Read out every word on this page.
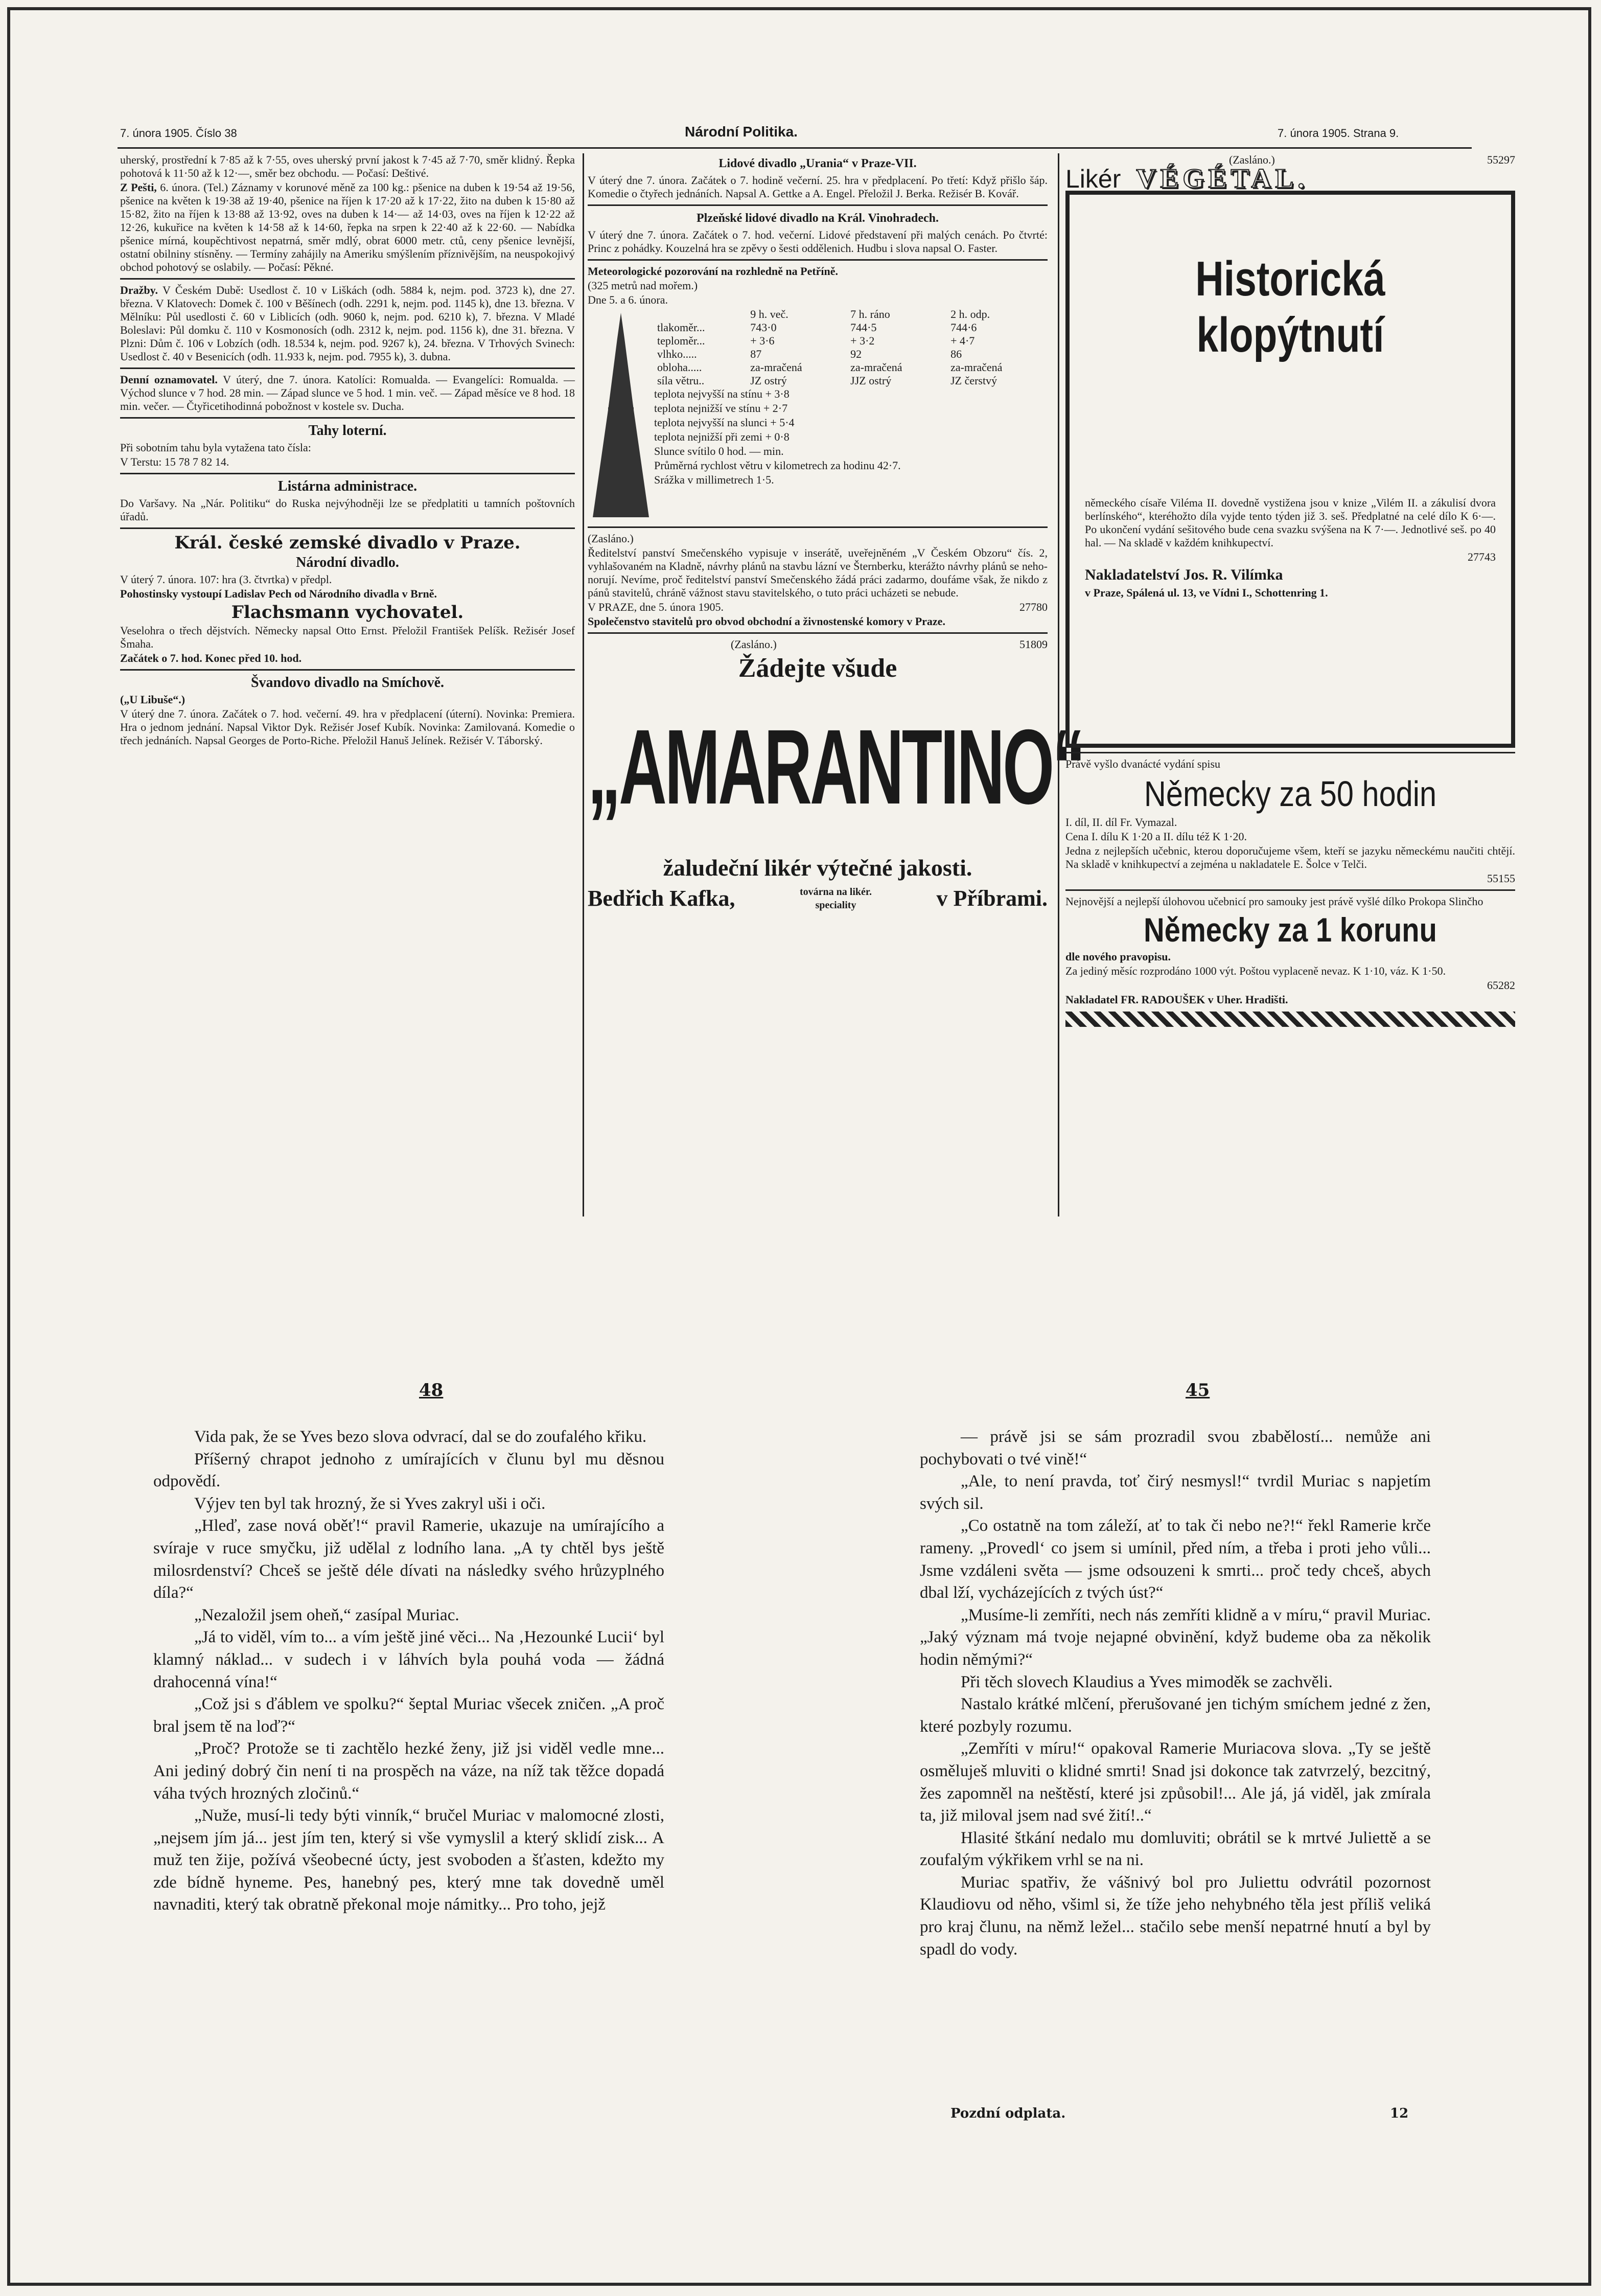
7. února 1905. Číslo 38	Národní Politika.	7. února 1905. Strana 9.

uherský, prostřední k 7·85 až k 7·55, oves uherský první jakost k 7·45 až 7·70, směr klidný. Řepka pohotová k 11·50 až k 12·—, směr bez obchodu. — Počasí: Deštivé.

Z Pešti, 6. února. (Tel.) Záznamy v korunové měně za 100 kg.: pšenice na duben k 19·54 až 19·56, pšenice na květen k 19·38 až 19·40, pšenice na říjen k 17·20 až k 17·22, žito na duben k 15·80 až 15·82, žito na říjen k 13·88 až 13·92, oves na duben k 14·— až 14·03, oves na říjen k 12·22 až 12·26, kukuřice na květen k 14·58 až k 14·60, řepka na srpen k 22·40 až k 22·60. — Nabídka pšenice mírná, koupěchtivost nepatrná, směr mdlý, obrat 6000 metr. ctů, ceny pšenice levnější, ostatní obilniny stísněny. — Termíny zahájily na Ameriku smýšlením příznivějším, na neuspokojivý obchod pohotový se oslabily. — Počasí: Pěkné.

Dražby. V Českém Dubě: Usedlost č. 10 v Liškách (odh. 5884 k, nejm. pod. 3723 k), dne 27. března. V Klatovech: Domek č. 100 v Běšínech (odh. 2291 k, nejm. pod. 1145 k), dne 13. března. V Mělníku: Půl usedlosti č. 60 v Liblicích (odh. 9060 k, nejm. pod. 6210 k), 7. března. V Mladé Boleslavi: Půl domku č. 110 v Kosmonosích (odh. 2312 k, nejm. pod. 1156 k), dne 31. března. V Plzni: Dům č. 106 v Lobzích (odh. 18.534 k, nejm. pod. 9267 k), 24. března. V Trhových Svinech: Usedlost č. 40 v Besenicích (odh. 11.933 k, nejm. pod. 7955 k), 3. dubna.

Denní oznamovatel. V úterý, dne 7. února. Katolíci: Romualda. — Evangelíci: Romualda. — Východ slunce v 7 hod. 28 min. — Západ slunce ve 5 hod. 1 min. več. — Západ měsíce ve 8 hod. 18 min. večer. — Čtyřicetihodinná pobožnost v kostele sv. Ducha.

Tahy loterní.

Při sobotním tahu byla vytažena tato čísla:

V Terstu: 15 78 7 82 14.

Listárna administrace.

Do Varšavy. Na „Nár. Politiku“ do Ruska nejvýhodněji lze se předplatiti u tamních poštovních úřadů.

Král. české zemské divadlo v Praze.
Národní divadlo.

V úterý 7. února. 107: hra (3. čtvrtka) v předpl.

Pohostinsky vystoupí Ladislav Pech od Národního divadla v Brně.

Flachsmann vychovatel.

Veselohra o třech dějstvích. Německy napsal Otto Ernst. Přeložil František Pelíšk. Režisér Josef Šmaha.

Začátek o 7. hod. Konec před 10. hod.

Švandovo divadlo na Smíchově.

(„U Libuše“.)

V úterý dne 7. února. Začátek o 7. hod. večerní. 49. hra v předplacení (úterní). Novinka: Premiera. Hra o jednom jednání. Napsal Viktor Dyk. Režisér Josef Kubík. Novinka: Zamilovaná. Komedie o třech jednáních. Napsal Georges de Porto-Riche. Přeložil Hanuš Jelínek. Režisér V. Táborský.

Lidové divadlo „Urania“ v Praze-VII.

V úterý dne 7. února. Začátek o 7. hodině večerní. 25. hra v předplacení. Po třetí: Když přišlo šáp. Komedie o čtyřech jednáních. Napsal A. Gettke a A. Engel. Přeložil J. Berka. Režisér B. Kovář.

Plzeňské lidové divadlo na Král. Vinohradech.

V úterý dne 7. února. Začátek o 7. hod. večerní. Lidové představení při malých cenách. Po čtvrté: Princ z pohádky. Kouzelná hra se zpěvy o šesti oddělenich. Hudbu i slova napsal O. Faster.

Meteorologické pozorování na rozhledně na Petříně.

(325 metrů nad mořem.)

Dne 5. a 6. února.

	9 h. več.	7 h. ráno	2 h. odp.
tlakoměr...	743·0	744·5	744·6
teploměr...	+ 3·6	+ 3·2	+ 4·7
vlhko.....	87	92	86
obloha.....	za-mračená	za-mračená	za-mračená
síla větru..	JZ ostrý	JJZ ostrý	JZ čerstvý

teplota nejvyšší na stínu + 3·8

teplota nejnižší ve stínu + 2·7

teplota nejvyšší na slunci + 5·4

teplota nejnižší při zemi + 0·8

Slunce svítilo 0 hod. — min.

Průměrná rychlost větru v kilometrech za hodinu 42·7.

Srážka v millimetrech 1·5.

(Zasláno.)

Ředitelství panství Smečenského vypisuje v inserátě, uveřejněném „V Českém Obzoru“ čís. 2, vyhlašovaném na Kladně, návrhy plánů na stavbu lázní ve Šternberku, kterážto návrhy plánů se neho-norují. Nevíme, proč ředitelství panství Smečenského žádá práci zadarmo, doufáme však, že nikdo z pánů stavitelů, chráně vážnost stavu stavitelského, o tuto práci ucházeti se nebude.

V PRAZE, dne 5. února 1905.	27780

Společenstvo stavitelů pro obvod obchodní a živnostenské komory v Praze.

(Zasláno.)	51809

Žádejte všude
„AMARANTINO“
žaludeční likér výtečné jakosti.
Bedřich Kafka,	továrna na likér. speciality	v Příbrami.

(Zasláno.)	55297

Likér VÉGÉTAL.
Historická
klopýtnutí

německého císaře Viléma II. dovedně vystižena jsou v knize „Vilém II. a zákulisí dvora berlínského“, kteréhožto díla vyjde tento týden již 3. seš. Předplatné na celé dílo K 6·—. Po ukončení vydání sešitového bude cena svazku svýšena na K 7·—. Jednotlivé seš. po 40 hal. — Na skladě v každém knihkupectví.

27743

Nakladatelství Jos. R. Vilímka

v Praze, Spálená ul. 13, ve Vídni I., Schottenring 1.

Právě vyšlo dvanácté vydání spisu

Německy za 50 hodin

I. díl, II. díl Fr. Vymazal.

Cena I. dílu K 1·20 a II. dílu též K 1·20.

Jedna z nejlepších učebnic, kterou doporučujeme všem, kteří se jazyku německému naučiti chtějí. Na skladě v knihkupectví a zejména u nakladatele E. Šolce v Telči.

55155

Nejnovější a nejlepší úlohovou učebnicí pro samouky jest právě vyšlé dílko Prokopa Slinčho

Německy za 1 korunu

dle nového pravopisu.

Za jediný měsíc rozprodáno 1000 výt. Poštou vyplaceně nevaz. K 1·10, váz. K 1·50.

65282

Nakladatel FR. RADOUŠEK v Uher. Hradišti.

48	45

Vida pak, že se Yves bezo slova odvrací, dal se do zoufalého křiku.

Příšerný chrapot jednoho z umírajících v člunu byl mu děsnou odpovědí.

Výjev ten byl tak hrozný, že si Yves zakryl uši i oči.

„Hleď, zase nová oběť!“ pravil Ramerie, ukazuje na umírajícího a svíraje v ruce smyčku, již udělal z lodního lana. „A ty chtěl bys ještě milosrdenství? Chceš se ještě déle dívati na následky svého hrůzyplného díla?“

„Nezaložil jsem oheň,“ zasípal Muriac.

„Já to viděl, vím to... a vím ještě jiné věci... Na ‚Hezounké Lucii‘ byl klamný náklad... v sudech i v láhvích byla pouhá voda — žádná drahocenná vína!“

„Což jsi s ďáblem ve spolku?“ šeptal Muriac všecek zničen. „A proč bral jsem tě na loď?“

„Proč? Protože se ti zachtělo hezké ženy, již jsi viděl vedle mne... Ani jediný dobrý čin není ti na prospěch na váze, na níž tak těžce dopadá váha tvých hrozných zločinů.“

„Nuže, musí-li tedy býti vinník,“ bručel Muriac v malomocné zlosti, „nejsem jím já... jest jím ten, který si vše vymyslil a který sklidí zisk... A muž ten žije, požívá všeobecné úcty, jest svoboden a šťasten, kdežto my zde bídně hyneme. Pes, hanebný pes, který mne tak dovedně uměl navnaditi, který tak obratně překonal moje námitky... Pro toho, jejž

— právě jsi se sám prozradil svou zbabělostí... nemůže ani pochybovati o tvé vině!“

„Ale, to není pravda, toť čirý nesmysl!“ tvrdil Muriac s napjetím svých sil.

„Co ostatně na tom záleží, ať to tak či nebo ne?!“ řekl Ramerie krče rameny. „Provedl‘ co jsem si umínil, před ním, a třeba i proti jeho vůli... Jsme vzdáleni světa — jsme odsouzeni k smrti... proč tedy chceš, abych dbal lží, vycházejících z tvých úst?“

„Musíme-li zemříti, nech nás zemříti klidně a v míru,“ pravil Muriac. „Jaký význam má tvoje nejapné obvinění, když budeme oba za několik hodin němými?“

Při těch slovech Klaudius a Yves mimoděk se zachvěli.

Nastalo krátké mlčení, přerušované jen tichým smíchem jedné z žen, které pozbyly rozumu.

„Zemříti v míru!“ opakoval Ramerie Muriacova slova. „Ty se ještě osměluješ mluviti o klidné smrti! Snad jsi dokonce tak zatvrzelý, bezcitný, žes zapomněl na neštěstí, které jsi způsobil!... Ale já, já viděl, jak zmírala ta, již miloval jsem nad své žití!..“

Hlasité štkání nedalo mu domluviti; obrátil se k mrtvé Juliettě a se zoufalým výkřikem vrhl se na ni.

Muriac spatřiv, že vášnivý bol pro Juliettu odvrátil pozornost Klaudiovu od něho, všiml si, že tíže jeho nehybného těla jest příliš veliká pro kraj člunu, na němž ležel... stačilo sebe menší nepatrné hnutí a byl by spadl do vody.

Pozdní odplata.	12
